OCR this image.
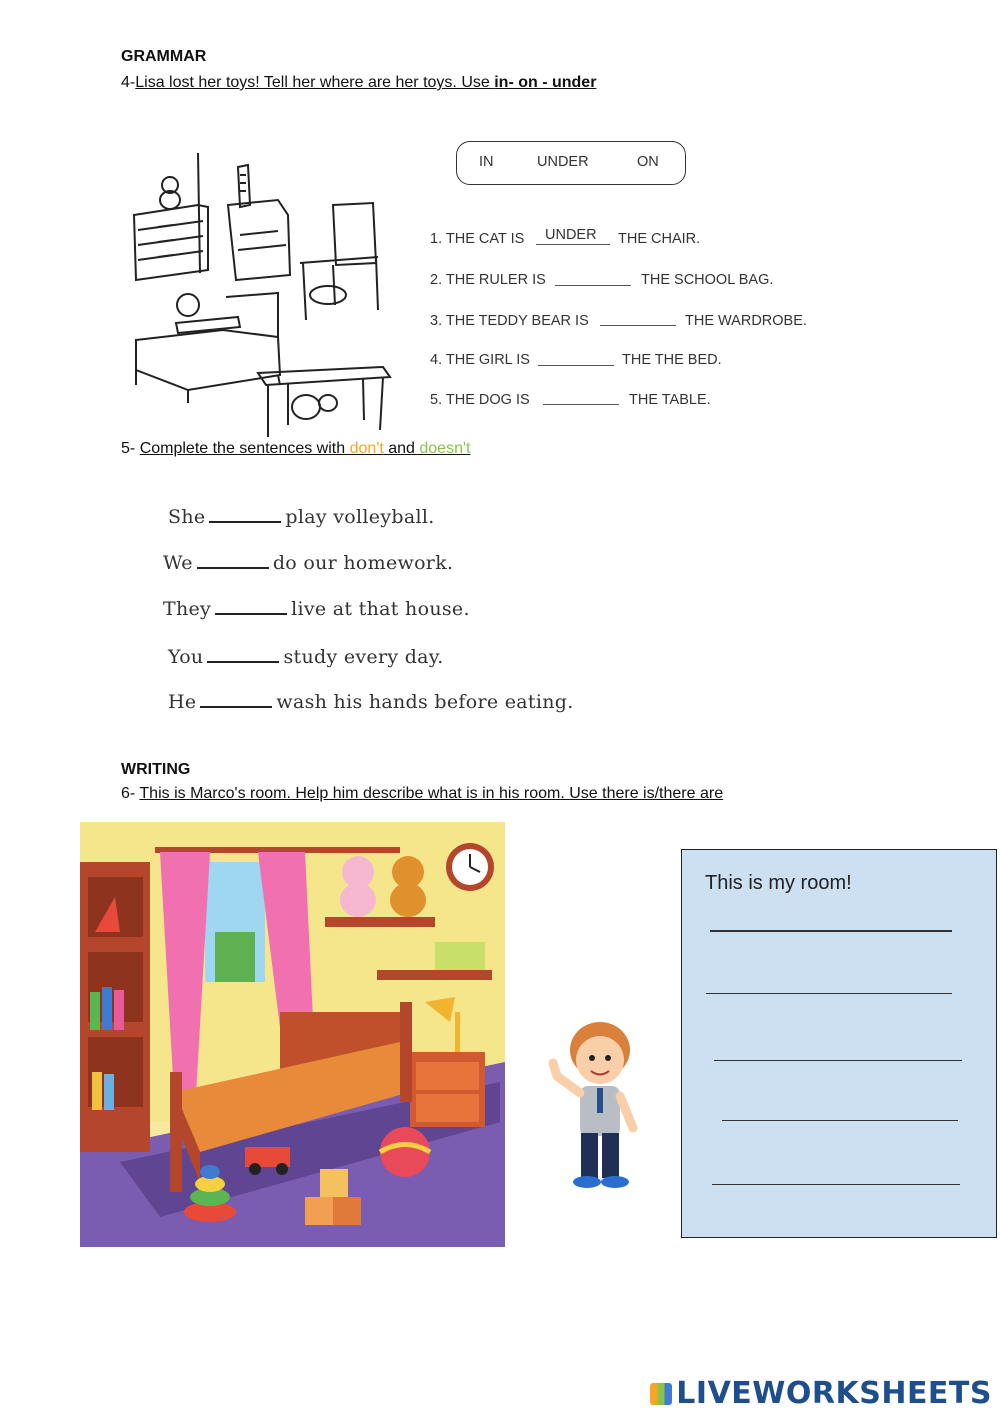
GRAMMAR
4-Lisa lost her toys! Tell her where are her toys. Use in- on - under
IN	UNDER	ON
1. THE CAT IS UNDER THE CHAIR.
2. THE RULER IS	THE SCHOOL BAG.
3. THE TEDDY BEAR IS	THE WARDROBE.
4. THE GIRL IS	THE THE BED.
5. THE DOG IS	THE TABLE.
5- Complete the sentences with don't and doesn't
She	play volleyball.
We	do our homework.
They	live at that house.
You	study every day.
He	wash his hands before eating.
WRITING
6- This is Marco's room. Help him describe what is in his room. Use there is/there are
This is my room!
LIVEWORKSHEETS
